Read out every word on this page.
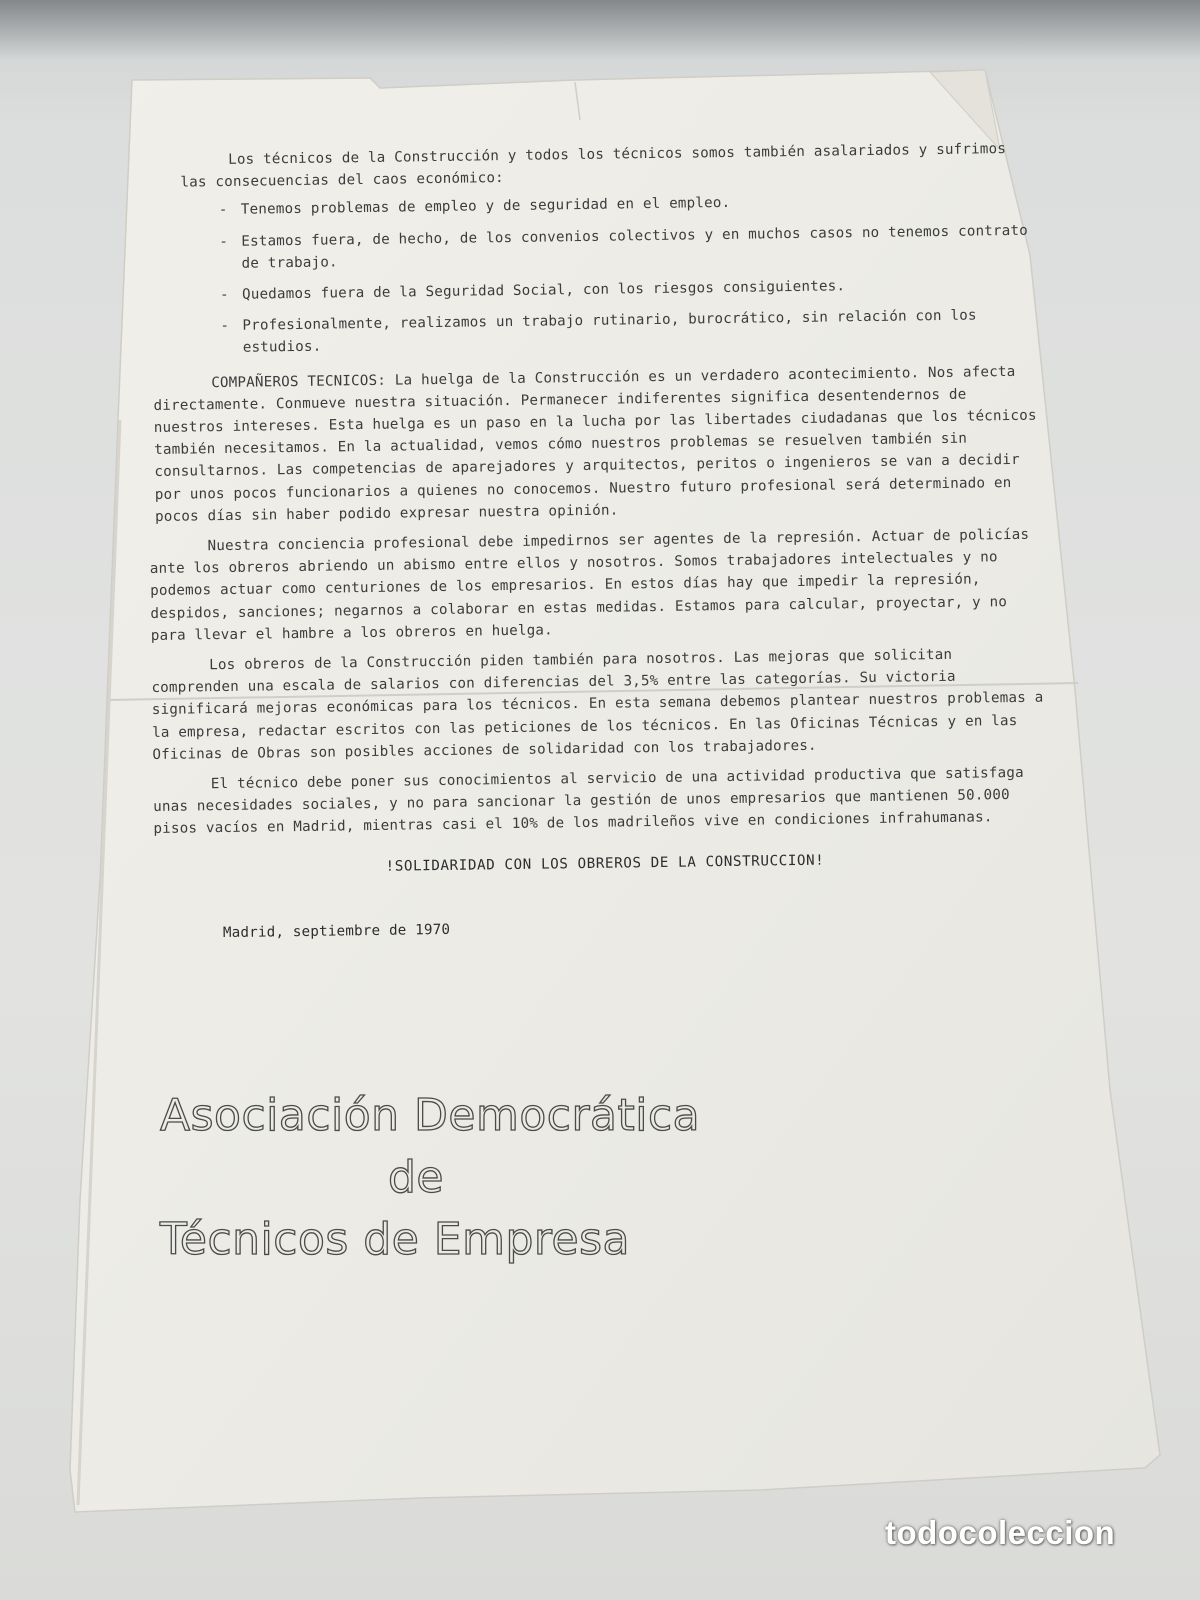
Los técnicos de la Construcción y todos los técnicos somos también asalariados y sufrimos las consecuencias del caos económico:

- Tenemos problemas de empleo y de seguridad en el empleo.
- Estamos fuera, de hecho, de los convenios colectivos y en muchos casos no tenemos contrato de trabajo.
- Quedamos fuera de la Seguridad Social, con los riesgos consiguientes.
- Profesionalmente, realizamos un trabajo rutinario, burocrático, sin relación con los estudios.

COMPAÑEROS TECNICOS: La huelga de la Construcción es un verdadero acontecimiento. Nos afecta directamente. Conmueve nuestra situación. Permanecer indiferentes significa desentendernos de nuestros intereses. Esta huelga es un paso en la lucha por las libertades ciudadanas que los técnicos también necesitamos. En la actualidad, vemos cómo nuestros problemas se resuelven también sin consultarnos. Las competencias de aparejadores y arquitectos, peritos o ingenieros se van a decidir por unos pocos funcionarios a quienes no conocemos. Nuestro futuro profesional será determinado en pocos días sin haber podido expresar nuestra opinión.

Nuestra conciencia profesional debe impedirnos ser agentes de la represión. Actuar de policías ante los obreros abriendo un abismo entre ellos y nosotros. Somos trabajadores intelectuales y no podemos actuar como centuriones de los empresarios. En estos días hay que impedir la represión, despidos, sanciones; negarnos a colaborar en estas medidas. Estamos para calcular, proyectar, y no para llevar el hambre a los obreros en huelga.

Los obreros de la Construcción piden también para nosotros. Las mejoras que solicitan comprenden una escala de salarios con diferencias del 3,5% entre las categorías. Su victoria significará mejoras económicas para los técnicos. En esta semana debemos plantear nuestros problemas a la empresa, redactar escritos con las peticiones de los técnicos. En las Oficinas Técnicas y en las Oficinas de Obras son posibles acciones de solidaridad con los trabajadores.

El técnico debe poner sus conocimientos al servicio de una actividad productiva que satisfaga unas necesidades sociales, y no para sancionar la gestión de unos empresarios que mantienen 50.000 pisos vacíos en Madrid, mientras casi el 10% de los madrileños vive en condiciones infrahumanas.

!SOLIDARIDAD CON LOS OBREROS DE LA CONSTRUCCION!

Madrid, septiembre de 1970

Asociación Democrática
de
Técnicos de Empresa
todocoleccion
